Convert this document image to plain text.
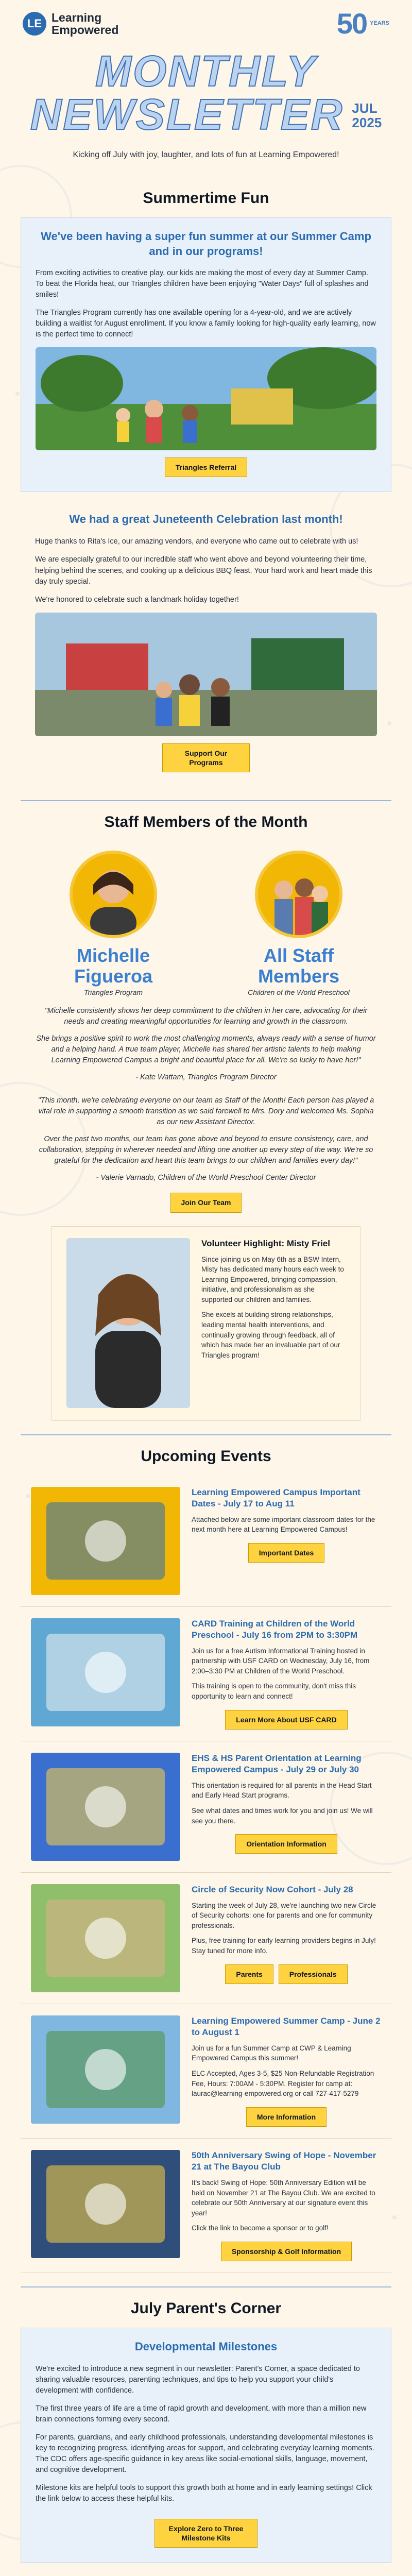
LE Learning
Empowered	50 YEARS
MONTHLY
NEWSLETTER JUL
2025
Kicking off July with joy, laughter, and lots of fun at Learning Empowered!
Summertime Fun
We've been having a super fun summer at our Summer Camp and in our programs!
From exciting activities to creative play, our kids are making the most of every day at Summer Camp. To beat the Florida heat, our Triangles children have been enjoying "Water Days" full of splashes and smiles!
The Triangles Program currently has one available opening for a 4-year-old, and we are actively building a waitlist for August enrollment. If you know a family looking for high-quality early learning, now is the perfect time to connect!
Triangles Referral
We had a great Juneteenth Celebration last month!
Huge thanks to Rita's Ice, our amazing vendors, and everyone who came out to celebrate with us!
We are especially grateful to our incredible staff who went above and beyond volunteering their time, helping behind the scenes, and cooking up a delicious BBQ feast. Your hard work and heart made this day truly special.
We're honored to celebrate such a landmark holiday together!
Support Our Programs
Staff Members of the Month
Michelle Figueroa
Triangles Program
All Staff Members
Children of the World Preschool
"Michelle consistently shows her deep commitment to the children in her care, advocating for their needs and creating meaningful opportunities for learning and growth in the classroom.
She brings a positive spirit to work the most challenging moments, always ready with a sense of humor and a helping hand. A true team player, Michelle has shared her artistic talents to help making Learning Empowered Campus a bright and beautiful place for all. We're so lucky to have her!"
- Kate Wattam, Triangles Program Director
"This month, we're celebrating everyone on our team as Staff of the Month! Each person has played a vital role in supporting a smooth transition as we said farewell to Mrs. Dory and welcomed Ms. Sophia as our new Assistant Director.
Over the past two months, our team has gone above and beyond to ensure consistency, care, and collaboration, stepping in wherever needed and lifting one another up every step of the way. We're so grateful for the dedication and heart this team brings to our children and families every day!"
- Valerie Varnado, Children of the World Preschool Center Director
Join Our Team
Volunteer Highlight: Misty Friel
Since joining us on May 6th as a BSW Intern, Misty has dedicated many hours each week to Learning Empowered, bringing compassion, initiative, and professionalism as she supported our children and families.
She excels at building strong relationships, leading mental health interventions, and continually growing through feedback, all of which has made her an invaluable part of our Triangles program!
Upcoming Events
Learning Empowered Campus Important Dates - July 17 to Aug 11
Attached below are some important classroom dates for the next month here at Learning Empowered Campus!
Important Dates
CARD Training at Children of the World Preschool - July 16 from 2PM to 3:30PM
Join us for a free Autism Informational Training hosted in partnership with USF CARD on Wednesday, July 16, from 2:00–3:30 PM at Children of the World Preschool.
This training is open to the community, don't miss this opportunity to learn and connect!
Learn More About USF CARD
EHS & HS Parent Orientation at Learning Empowered Campus - July 29 or July 30
This orientation is required for all parents in the Head Start and Early Head Start programs.
See what dates and times work for you and join us! We will see you there.
Orientation Information
Circle of Security Now Cohort - July 28
Starting the week of July 28, we're launching two new Circle of Security cohorts: one for parents and one for community professionals.
Plus, free training for early learning providers begins in July! Stay tuned for more info.
Parents	Professionals
Learning Empowered Summer Camp - June 2 to August 1
Join us for a fun Summer Camp at CWP & Learning Empowered Campus this summer!
ELC Accepted, Ages 3-5, $25 Non-Refundable Registration Fee, Hours: 7:00AM - 5:30PM. Register for camp at: laurac@learning-empowered.org or call 727-417-5279
More Information
50th Anniversary Swing of Hope - November 21 at The Bayou Club
It's back! Swing of Hope: 50th Anniversary Edition will be held on November 21 at The Bayou Club. We are excited to celebrate our 50th Anniversary at our signature event this year!
Click the link to become a sponsor or to golf!
Sponsorship & Golf Information
July Parent's Corner
Developmental Milestones
We're excited to introduce a new segment in our newsletter: Parent's Corner, a space dedicated to sharing valuable resources, parenting techniques, and tips to help you support your child's development with confidence.
The first three years of life are a time of rapid growth and development, with more than a million new brain connections forming every second.
For parents, guardians, and early childhood professionals, understanding developmental milestones is key to recognizing progress, identifying areas for support, and celebrating everyday learning moments. The CDC offers age-specific guidance in key areas like social-emotional skills, language, movement, and cognitive development.
Milestone kits are helpful tools to support this growth both at home and in early learning settings! Click the link below to access these helpful kits.
Explore Zero to Three Milestone Kits
